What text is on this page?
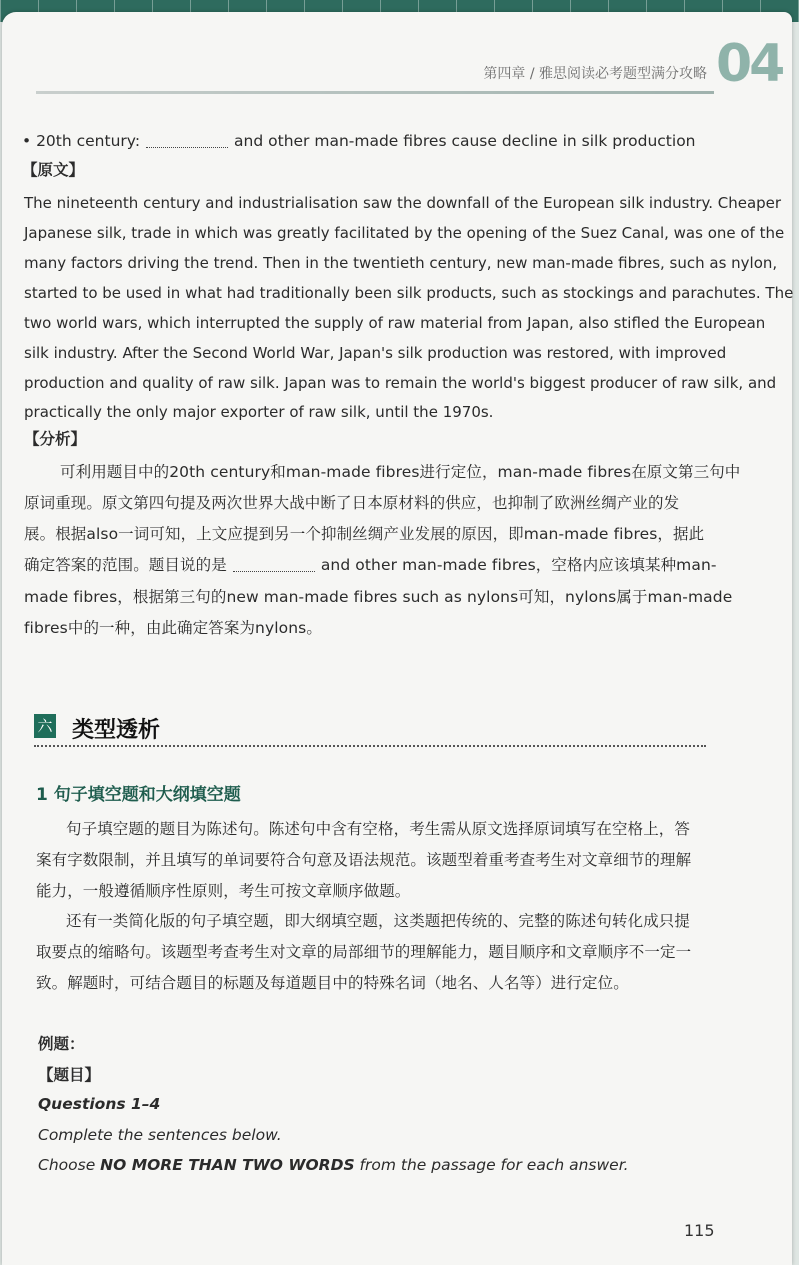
第四章 / 雅思阅读必考题型满分攻略 04
• 20th century:	and other man-made fibres cause decline in silk production
【原文】
The nineteenth century and industrialisation saw the downfall of the European silk industry. Cheaper
Japanese silk, trade in which was greatly facilitated by the opening of the Suez Canal, was one of the
many factors driving the trend. Then in the twentieth century, new man-made fibres, such as nylon,
started to be used in what had traditionally been silk products, such as stockings and parachutes. The
two world wars, which interrupted the supply of raw material from Japan, also stifled the European
silk industry. After the Second World War, Japan's silk production was restored, with improved
production and quality of raw silk. Japan was to remain the world's biggest producer of raw silk, and
practically the only major exporter of raw silk, until the 1970s.
【分析】
可利用题目中的20th century和man-made fibres进行定位，man-made fibres在原文第三句中
原词重现。原文第四句提及两次世界大战中断了日本原材料的供应，也抑制了欧洲丝绸产业的发
展。根据also一词可知，上文应提到另一个抑制丝绸产业发展的原因，即man-made fibres，据此
确定答案的范围。题目说的是	and other man-made fibres，空格内应该填某种man-
made fibres，根据第三句的new man-made fibres such as nylons可知，nylons属于man-made
fibres中的一种，由此确定答案为nylons。
六 类型透析
1 句子填空题和大纲填空题
句子填空题的题目为陈述句。陈述句中含有空格，考生需从原文选择原词填写在空格上，答
案有字数限制，并且填写的单词要符合句意及语法规范。该题型着重考查考生对文章细节的理解
能力，一般遵循顺序性原则，考生可按文章顺序做题。
还有一类简化版的句子填空题，即大纲填空题，这类题把传统的、完整的陈述句转化成只提
取要点的缩略句。该题型考查考生对文章的局部细节的理解能力，题目顺序和文章顺序不一定一
致。解题时，可结合题目的标题及每道题目中的特殊名词（地名、人名等）进行定位。
例题：
【题目】
Questions 1–4
Complete the sentences below.
Choose NO MORE THAN TWO WORDS from the passage for each answer.
115
